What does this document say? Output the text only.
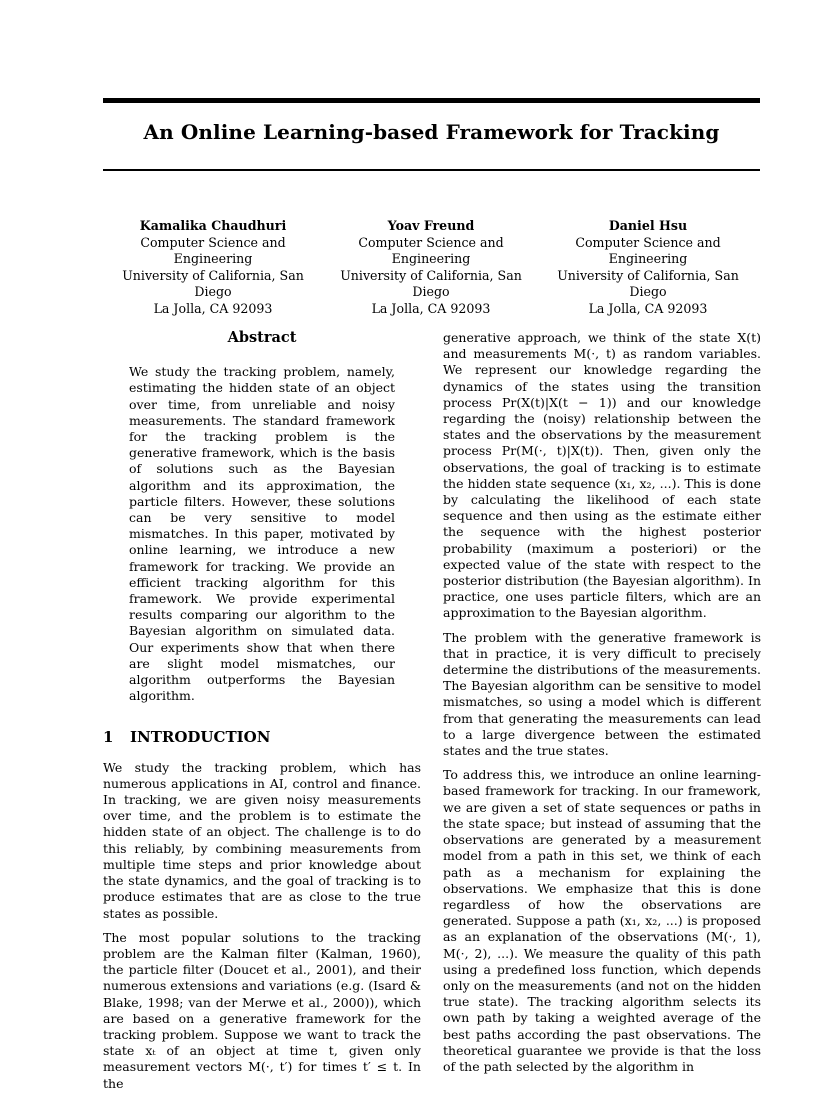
An Online Learning-based Framework for Tracking
Kamalika Chaudhuri
Computer Science and Engineering
University of California, San Diego
La Jolla, CA 92093
Yoav Freund
Computer Science and Engineering
University of California, San Diego
La Jolla, CA 92093
Daniel Hsu
Computer Science and Engineering
University of California, San Diego
La Jolla, CA 92093
Abstract

We study the tracking problem, namely, estimating the hidden state of an object over time, from unreliable and noisy measurements. The standard framework for the tracking problem is the generative framework, which is the basis of solutions such as the Bayesian algorithm and its approximation, the particle filters. However, these solutions can be very sensitive to model mismatches. In this paper, motivated by online learning, we introduce a new framework for tracking. We provide an efficient tracking algorithm for this framework. We provide experimental results comparing our algorithm to the Bayesian algorithm on simulated data. Our experiments show that when there are slight model mismatches, our algorithm outperforms the Bayesian algorithm.

1 INTRODUCTION

We study the tracking problem, which has numerous applications in AI, control and finance. In tracking, we are given noisy measurements over time, and the problem is to estimate the hidden state of an object. The challenge is to do this reliably, by combining measurements from multiple time steps and prior knowledge about the state dynamics, and the goal of tracking is to produce estimates that are as close to the true states as possible.

The most popular solutions to the tracking problem are the Kalman filter (Kalman, 1960), the particle filter (Doucet et al., 2001), and their numerous extensions and variations (e.g. (Isard & Blake, 1998; van der Merwe et al., 2000)), which are based on a generative framework for the tracking problem. Suppose we want to track the state xₜ of an object at time t, given only measurement vectors M(·, t′) for times t′ ≤ t. In the

generative approach, we think of the state X(t) and measurements M(·, t) as random variables. We represent our knowledge regarding the dynamics of the states using the transition process Pr(X(t)|X(t − 1)) and our knowledge regarding the (noisy) relationship between the states and the observations by the measurement process Pr(M(·, t)|X(t)). Then, given only the observations, the goal of tracking is to estimate the hidden state sequence (x₁, x₂, ...). This is done by calculating the likelihood of each state sequence and then using as the estimate either the sequence with the highest posterior probability (maximum a posteriori) or the expected value of the state with respect to the posterior distribution (the Bayesian algorithm). In practice, one uses particle filters, which are an approximation to the Bayesian algorithm.

The problem with the generative framework is that in practice, it is very difficult to precisely determine the distributions of the measurements. The Bayesian algorithm can be sensitive to model mismatches, so using a model which is different from that generating the measurements can lead to a large divergence between the estimated states and the true states.

To address this, we introduce an online learning-based framework for tracking. In our framework, we are given a set of state sequences or paths in the state space; but instead of assuming that the observations are generated by a measurement model from a path in this set, we think of each path as a mechanism for explaining the observations. We emphasize that this is done regardless of how the observations are generated. Suppose a path (x₁, x₂, ...) is proposed as an explanation of the observations (M(·, 1), M(·, 2), ...). We measure the quality of this path using a predefined loss function, which depends only on the measurements (and not on the hidden true state). The tracking algorithm selects its own path by taking a weighted average of the best paths according the past observations. The theoretical guarantee we provide is that the loss of the path selected by the algorithm in
